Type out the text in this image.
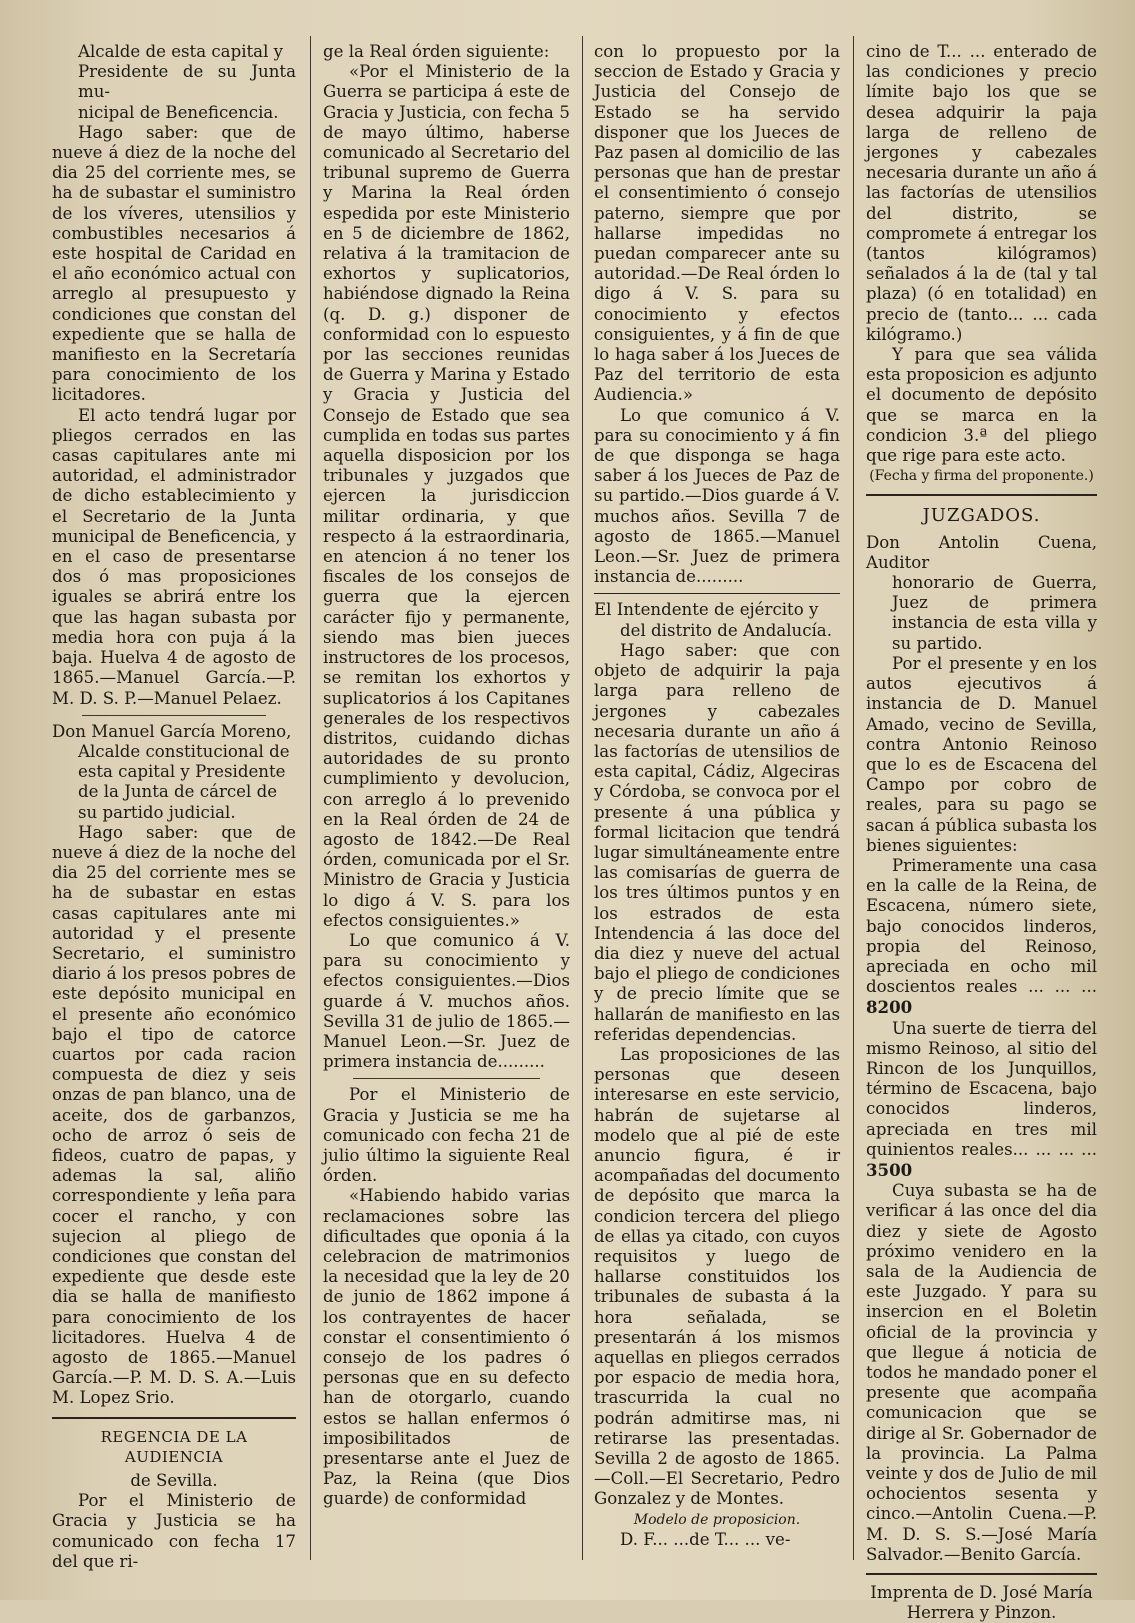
Alcalde de esta capital y

Presidente de su Junta mu-

nicipal de Beneficencia.

Hago saber: que de nueve á diez de la noche del dia 25 del corriente mes, se ha de subastar el suministro de los víveres, utensilios y combustibles necesarios á este hospital de Caridad en el año económico actual con arreglo al presupuesto y condiciones que constan del expediente que se halla de manifiesto en la Secretaría para conocimiento de los licitadores.

El acto tendrá lugar por pliegos cerrados en las casas capitulares ante mi autoridad, el administrador de dicho establecimiento y el Secretario de la Junta municipal de Beneficencia, y en el caso de presentarse dos ó mas proposiciones iguales se abrirá entre los que las hagan subasta por media hora con puja á la baja. Huelva 4 de agosto de 1865.—Manuel García.—P. M. D. S. P.—Manuel Pelaez.

Don Manuel García Moreno,

Alcalde constitucional de

esta capital y Presidente

de la Junta de cárcel de

su partido judicial.

Hago saber: que de nueve á diez de la noche del dia 25 del corriente mes se ha de subastar en estas casas capitulares ante mi autoridad y el presente Secretario, el suministro diario á los presos pobres de este depósito municipal en el presente año económico bajo el tipo de catorce cuartos por cada racion compuesta de diez y seis onzas de pan blanco, una de aceite, dos de garbanzos, ocho de arroz ó seis de fideos, cuatro de papas, y ademas la sal, aliño correspondiente y leña para cocer el rancho, y con sujecion al pliego de condiciones que constan del expediente que desde este dia se halla de manifiesto para conocimiento de los licitadores. Huelva 4 de agosto de 1865.—Manuel García.—P. M. D. S. A.—Luis M. Lopez Srio.

REGENCIA DE LA AUDIENCIA

de Sevilla.

Por el Ministerio de Gracia y Justicia se ha comunicado con fecha 17 del que ri-

ge la Real órden siguiente:

«Por el Ministerio de la Guerra se participa á este de Gracia y Justicia, con fecha 5 de mayo último, haberse comunicado al Secretario del tribunal supremo de Guerra y Marina la Real órden espedida por este Ministerio en 5 de diciembre de 1862, relativa á la tramitacion de exhortos y suplicatorios, habiéndose dignado la Reina (q. D. g.) disponer de conformidad con lo espuesto por las secciones reunidas de Guerra y Marina y Estado y Gracia y Justicia del Consejo de Estado que sea cumplida en todas sus partes aquella disposicion por los tribunales y juzgados que ejercen la jurisdiccion militar ordinaria, y que respecto á la estraordinaria, en atencion á no tener los fiscales de los consejos de guerra que la ejercen carácter fijo y permanente, siendo mas bien jueces instructores de los procesos, se remitan los exhortos y suplicatorios á los Capitanes generales de los respectivos distritos, cuidando dichas autoridades de su pronto cumplimiento y devolucion, con arreglo á lo prevenido en la Real órden de 24 de agosto de 1842.—De Real órden, comunicada por el Sr. Ministro de Gracia y Justicia lo digo á V. S. para los efectos consiguientes.»

Lo que comunico á V. para su conocimiento y efectos consiguientes.—Dios guarde á V. muchos años. Sevilla 31 de julio de 1865.—Manuel Leon.—Sr. Juez de primera instancia de.........

Por el Ministerio de Gracia y Justicia se me ha comunicado con fecha 21 de julio último la siguiente Real órden.

«Habiendo habido varias reclamaciones sobre las dificultades que oponia á la celebracion de matrimonios la necesidad que la ley de 20 de junio de 1862 impone á los contrayentes de hacer constar el consentimiento ó consejo de los padres ó personas que en su defecto han de otorgarlo, cuando estos se hallan enfermos ó imposibilitados de presentarse ante el Juez de Paz, la Reina (que Dios guarde) de conformidad

con lo propuesto por la seccion de Estado y Gracia y Justicia del Consejo de Estado se ha servido disponer que los Jueces de Paz pasen al domicilio de las personas que han de prestar el consentimiento ó consejo paterno, siempre que por hallarse impedidas no puedan comparecer ante su autoridad.—De Real órden lo digo á V. S. para su conocimiento y efectos consiguientes, y á fin de que lo haga saber á los Jueces de Paz del territorio de esta Audiencia.»

Lo que comunico á V. para su conocimiento y á fin de que disponga se haga saber á los Jueces de Paz de su partido.—Dios guarde á V. muchos años. Sevilla 7 de agosto de 1865.—Manuel Leon.—Sr. Juez de primera instancia de.........

El Intendente de ejército y

del distrito de Andalucía.

Hago saber: que con objeto de adquirir la paja larga para relleno de jergones y cabezales necesaria durante un año á las factorías de utensilios de esta capital, Cádiz, Algeciras y Córdoba, se convoca por el presente á una pública y formal licitacion que tendrá lugar simultáneamente entre las comisarías de guerra de los tres últimos puntos y en los estrados de esta Intendencia á las doce del dia diez y nueve del actual bajo el pliego de condiciones y de precio límite que se hallarán de manifiesto en las referidas dependencias.

Las proposiciones de las personas que deseen interesarse en este servicio, habrán de sujetarse al modelo que al pié de este anuncio figura, é ir acompañadas del documento de depósito que marca la condicion tercera del pliego de ellas ya citado, con cuyos requisitos y luego de hallarse constituidos los tribunales de subasta á la hora señalada, se presentarán á los mismos aquellas en pliegos cerrados por espacio de media hora, trascurrida la cual no podrán admitirse mas, ni retirarse las presentadas. Sevilla 2 de agosto de 1865.—Coll.—El Secretario, Pedro Gonzalez y de Montes.

Modelo de proposicion.

D. F... ...de T... ... ve-

cino de T... ... enterado de las condiciones y precio límite bajo los que se desea adquirir la paja larga de relleno de jergones y cabezales necesaria durante un año á las factorías de utensilios del distrito, se compromete á entregar los (tantos kilógramos) señalados á la de (tal y tal plaza) (ó en totalidad) en precio de (tanto... ... cada kilógramo.)

Y para que sea válida esta proposicion es adjunto el documento de depósito que se marca en la condicion 3.ª del pliego que rige para este acto.

(Fecha y firma del proponente.)

JUZGADOS.

Don Antolin Cuena, Auditor

honorario de Guerra, Juez de primera instancia de esta villa y su partido.

Por el presente y en los autos ejecutivos á instancia de D. Manuel Amado, vecino de Sevilla, contra Antonio Reinoso que lo es de Escacena del Campo por cobro de reales, para su pago se sacan á pública subasta los bienes siguientes:

Primeramente una casa en la calle de la Reina, de Escacena, número siete, bajo conocidos linderos, propia del Reinoso, apreciada en ocho mil doscientos reales ... ... ... 8200

Una suerte de tierra del mismo Reinoso, al sitio del Rincon de los Junquillos, término de Escacena, bajo conocidos linderos, apreciada en tres mil quinientos reales... ... ... ... 3500

Cuya subasta se ha de verificar á las once del dia diez y siete de Agosto próximo venidero en la sala de la Audiencia de este Juzgado. Y para su insercion en el Boletin oficial de la provincia y que llegue á noticia de todos he mandado poner el presente que acompaña comunicacion que se dirige al Sr. Gobernador de la provincia. La Palma veinte y dos de Julio de mil ochocientos sesenta y cinco.—Antolin Cuena.—P. M. D. S. S.—José María Salvador.—Benito García.

Imprenta de D. José María

Herrera y Pinzon.
